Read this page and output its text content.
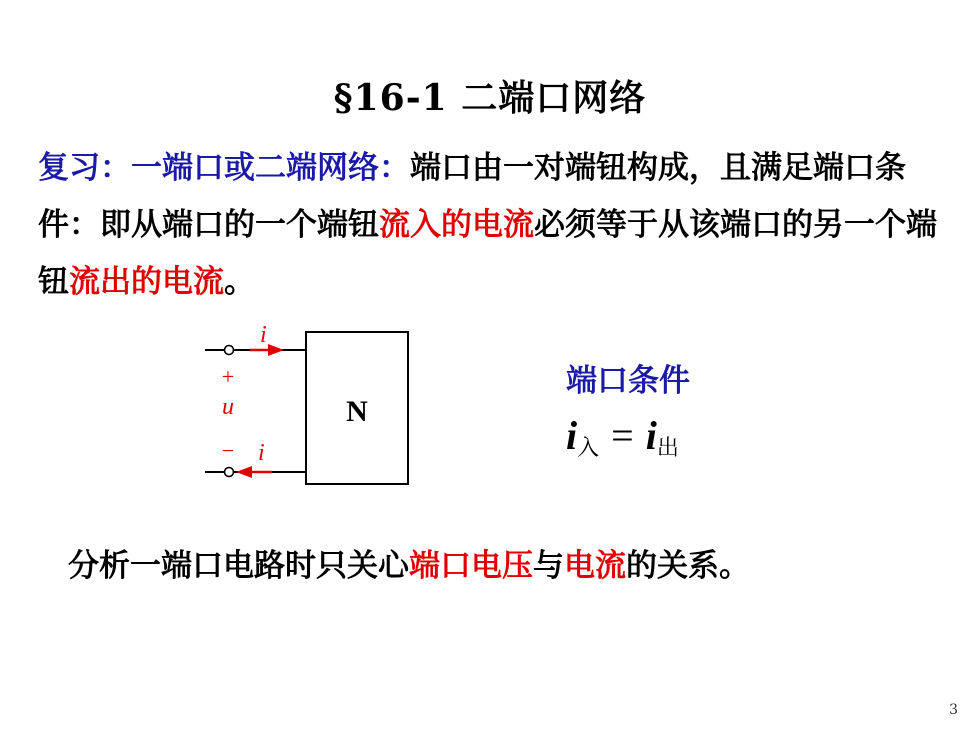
§16-1 二端口网络
复习：一端口或二端网络：端口由一对端钮构成，且满足端口条件：即从端口的一个端钮流入的电流必须等于从该端口的另一个端钮流出的电流。
N
i
+
u
− i
端口条件
$i_入 = i_出$
分析一端口电路时只关心端口电压与电流的关系。
3
